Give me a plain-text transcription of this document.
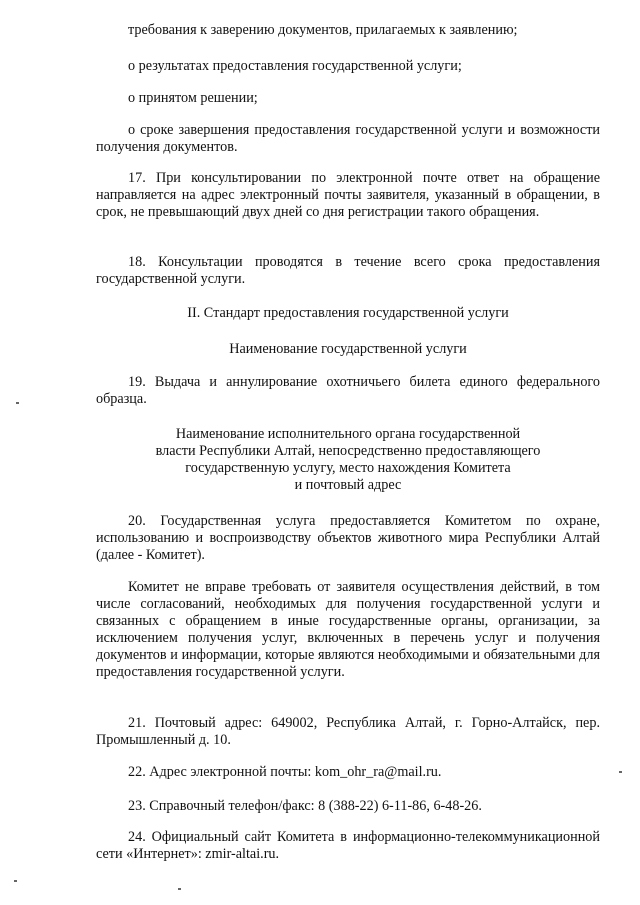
требования к заверению документов, прилагаемых к заявлению;

о результатах предоставления государственной услуги;

о принятом решении;

о сроке завершения предоставления государственной услуги и возможности получения документов.

17. При консультировании по электронной почте ответ на обращение направляется на адрес электронный почты заявителя, указанный в обращении, в срок, не превышающий двух дней со дня регистрации такого обращения.

18. Консультации проводятся в течение всего срока предоставления государственной услуги.

II. Стандарт предоставления государственной услуги

Наименование государственной услуги

19. Выдача и аннулирование охотничьего билета единого федерального образца.

Наименование исполнительного органа государственной

власти Республики Алтай, непосредственно предоставляющего

государственную услугу, место нахождения Комитета

и почтовый адрес

20. Государственная услуга предоставляется Комитетом по охране, использованию и воспроизводству объектов животного мира Республики Алтай (далее - Комитет).

Комитет не вправе требовать от заявителя осуществления действий, в том числе согласований, необходимых для получения государственной услуги и связанных с обращением в иные государственные органы, организации, за исключением получения услуг, включенных в перечень услуг и получения документов и информации, которые являются необходимыми и обязательными для предоставления государственной услуги.

21. Почтовый адрес: 649002, Республика Алтай, г. Горно-Алтайск, пер. Промышленный д. 10.

22. Адрес электронной почты: kom_ohr_ra@mail.ru.

23. Справочный телефон/факс: 8 (388-22) 6-11-86, 6-48-26.

24. Официальный сайт Комитета в информационно-телекоммуникационной сети «Интернет»: zmir-altai.ru.
